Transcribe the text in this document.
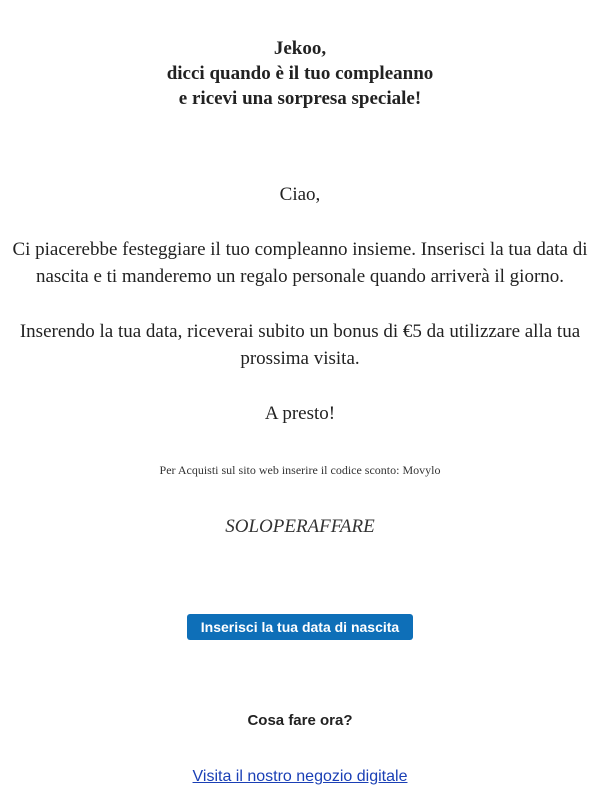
Jekoo,
dicci quando è il tuo compleanno
e ricevi una sorpresa speciale!
Ciao,
Ci piacerebbe festeggiare il tuo compleanno insieme. Inserisci la tua data di nascita e ti manderemo un regalo personale quando arriverà il giorno.
Inserendo la tua data, riceverai subito un bonus di €5 da utilizzare alla tua prossima visita.
A presto!
Per Acquisti sul sito web inserire il codice sconto: Movylo
SOLOPERAFFARE
Inserisci la tua data di nascita
Cosa fare ora?
Visita il nostro negozio digitale
